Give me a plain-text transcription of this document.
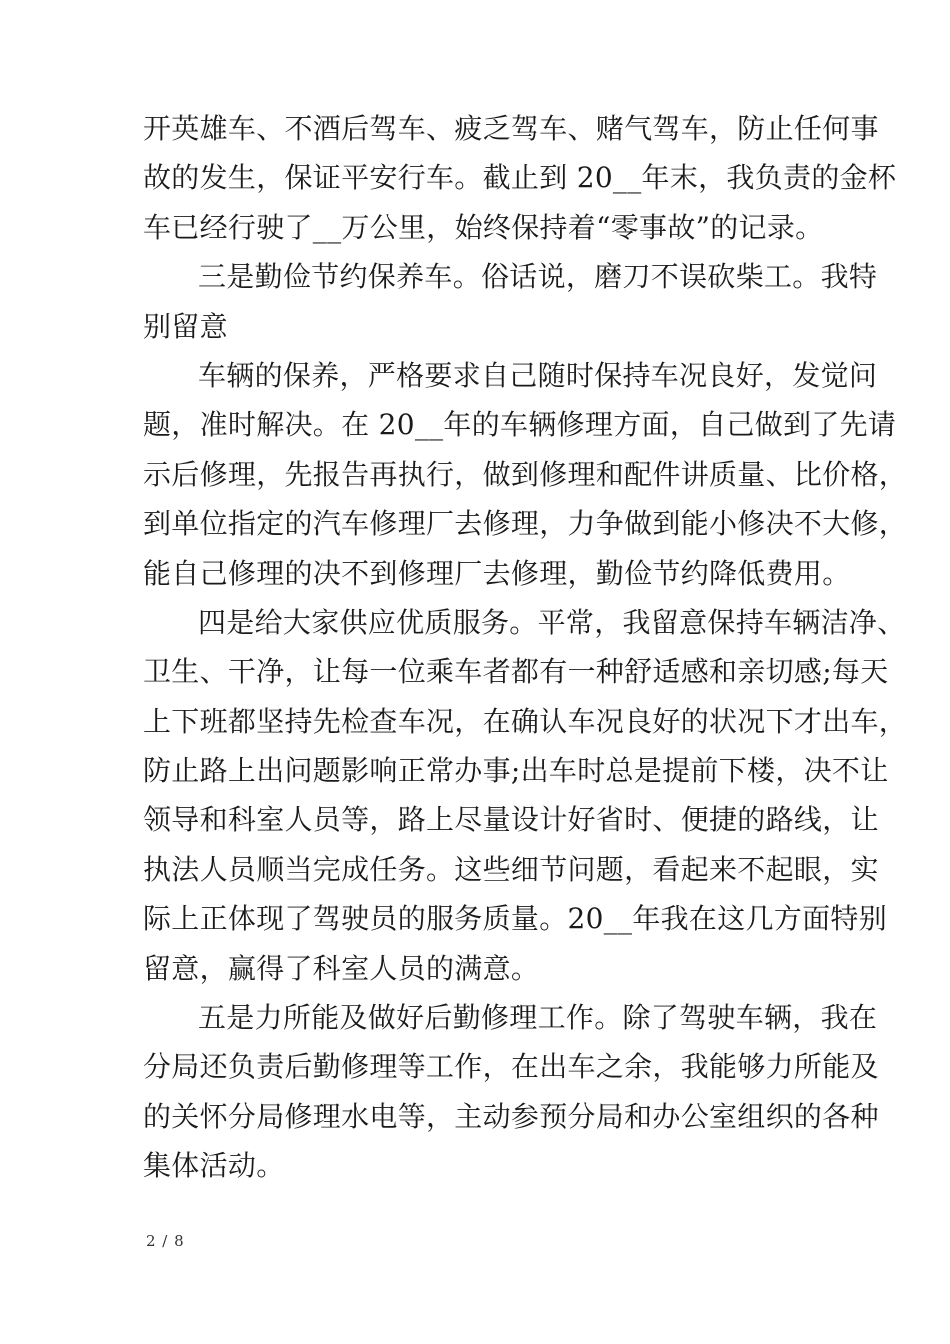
开英雄车、不酒后驾车、疲乏驾车、赌气驾车，防止任何事
故的发生，保证平安行车。截止到 20__年末，我负责的金杯
车已经行驶了__万公里，始终保持着“零事故”的记录。
三是勤俭节约保养车。俗话说，磨刀不误砍柴工。我特
别留意
车辆的保养，严格要求自己随时保持车况良好，发觉问
题，准时解决。在 20__年的车辆修理方面，自己做到了先请
示后修理，先报告再执行，做到修理和配件讲质量、比价格，
到单位指定的汽车修理厂去修理，力争做到能小修决不大修，
能自己修理的决不到修理厂去修理，勤俭节约降低费用。
四是给大家供应优质服务。平常，我留意保持车辆洁净、
卫生、干净，让每一位乘车者都有一种舒适感和亲切感;每天
上下班都坚持先检查车况，在确认车况良好的状况下才出车，
防止路上出问题影响正常办事;出车时总是提前下楼，决不让
领导和科室人员等，路上尽量设计好省时、便捷的路线，让
执法人员顺当完成任务。这些细节问题，看起来不起眼，实
际上正体现了驾驶员的服务质量。20__年我在这几方面特别
留意，赢得了科室人员的满意。
五是力所能及做好后勤修理工作。除了驾驶车辆，我在
分局还负责后勤修理等工作，在出车之余，我能够力所能及
的关怀分局修理水电等，主动参预分局和办公室组织的各种
集体活动。
2 / 8
